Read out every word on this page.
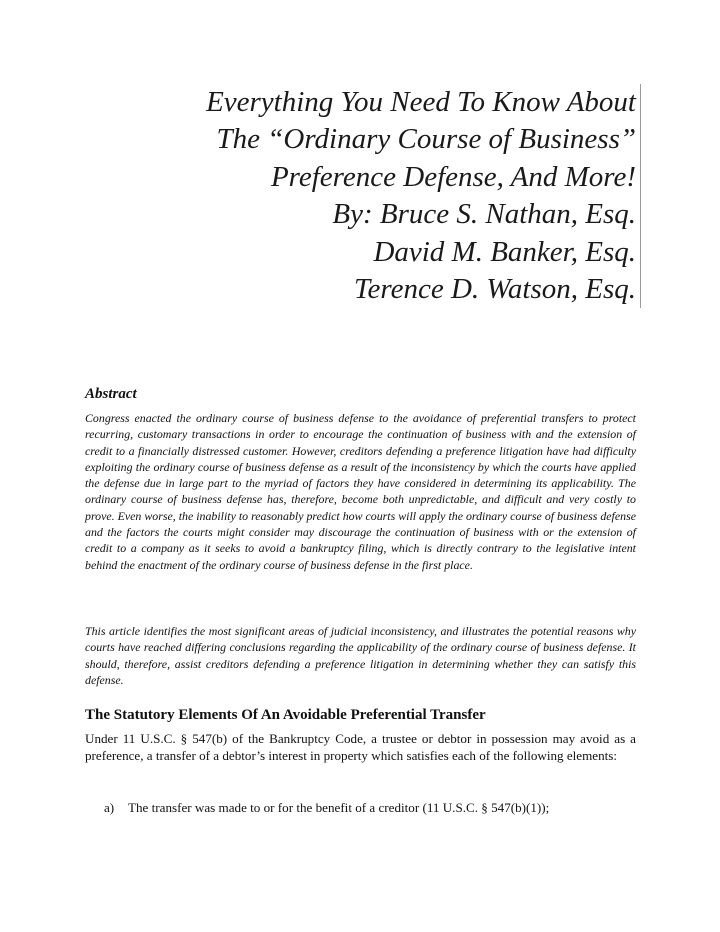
Everything You Need To Know About
The “Ordinary Course of Business”
Preference Defense, And More!
By: Bruce S. Nathan, Esq.
David M. Banker, Esq.
Terence D. Watson, Esq.
Abstract

Congress enacted the ordinary course of business defense to the avoidance of preferential transfers to protect recurring, customary transactions in order to encourage the continuation of business with and the extension of credit to a financially distressed customer. However, creditors defending a preference litigation have had difficulty exploiting the ordinary course of business defense as a result of the inconsistency by which the courts have applied the defense due in large part to the myriad of factors they have considered in determining its applicability. The ordinary course of business defense has, therefore, become both unpredictable, and difficult and very costly to prove. Even worse, the inability to reasonably predict how courts will apply the ordinary course of business defense and the factors the courts might consider may discourage the continuation of business with or the extension of credit to a company as it seeks to avoid a bankruptcy filing, which is directly contrary to the legislative intent behind the enactment of the ordinary course of business defense in the first place.

This article identifies the most significant areas of judicial inconsistency, and illustrates the potential reasons why courts have reached differing conclusions regarding the applicability of the ordinary course of business defense. It should, therefore, assist creditors defending a preference litigation in determining whether they can satisfy this defense.

The Statutory Elements Of An Avoidable Preferential Transfer

Under 11 U.S.C. § 547(b) of the Bankruptcy Code, a trustee or debtor in possession may avoid as a preference, a transfer of a debtor’s interest in property which satisfies each of the following elements:

a) The transfer was made to or for the benefit of a creditor (11 U.S.C. § 547(b)(1));
